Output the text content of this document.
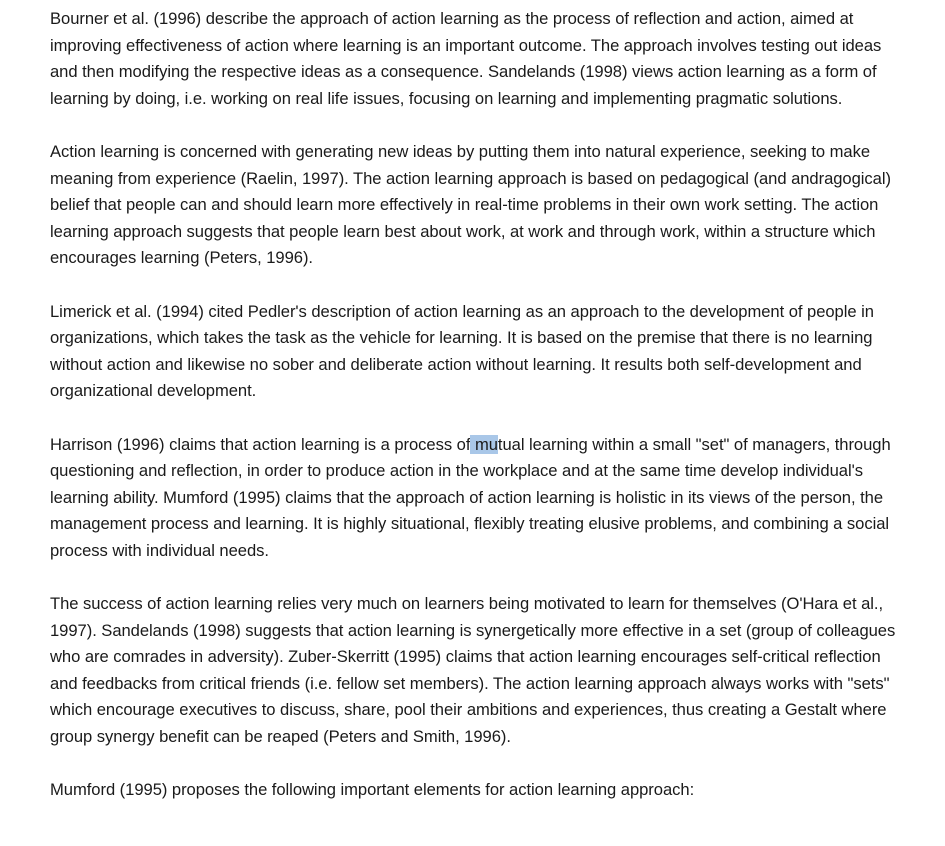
Bourner et al. (1996) describe the approach of action learning as the process of reflection and action, aimed at improving effectiveness of action where learning is an important outcome. The approach involves testing out ideas and then modifying the respective ideas as a consequence. Sandelands (1998) views action learning as a form of learning by doing, i.e. working on real life issues, focusing on learning and implementing pragmatic solutions.

Action learning is concerned with generating new ideas by putting them into natural experience, seeking to make meaning from experience (Raelin, 1997). The action learning approach is based on pedagogical (and andragogical) belief that people can and should learn more effectively in real-time problems in their own work setting. The action learning approach suggests that people learn best about work, at work and through work, within a structure which encourages learning (Peters, 1996).

Limerick et al. (1994) cited Pedler's description of action learning as an approach to the development of people in organizations, which takes the task as the vehicle for learning. It is based on the premise that there is no learning without action and likewise no sober and deliberate action without learning. It results both self-development and organizational development.

Harrison (1996) claims that action learning is a process of mutual learning within a small "set" of managers, through questioning and reflection, in order to produce action in the workplace and at the same time develop individual's learning ability. Mumford (1995) claims that the approach of action learning is holistic in its views of the person, the management process and learning. It is highly situational, flexibly treating elusive problems, and combining a social process with individual needs.

The success of action learning relies very much on learners being motivated to learn for themselves (O'Hara et al., 1997). Sandelands (1998) suggests that action learning is synergetically more effective in a set (group of colleagues who are comrades in adversity). Zuber-Skerritt (1995) claims that action learning encourages self-critical reflection and feedbacks from critical friends (i.e. fellow set members). The action learning approach always works with "sets" which encourage executives to discuss, share, pool their ambitions and experiences, thus creating a Gestalt where group synergy benefit can be reaped (Peters and Smith, 1996).

Mumford (1995) proposes the following important elements for action learning approach:
